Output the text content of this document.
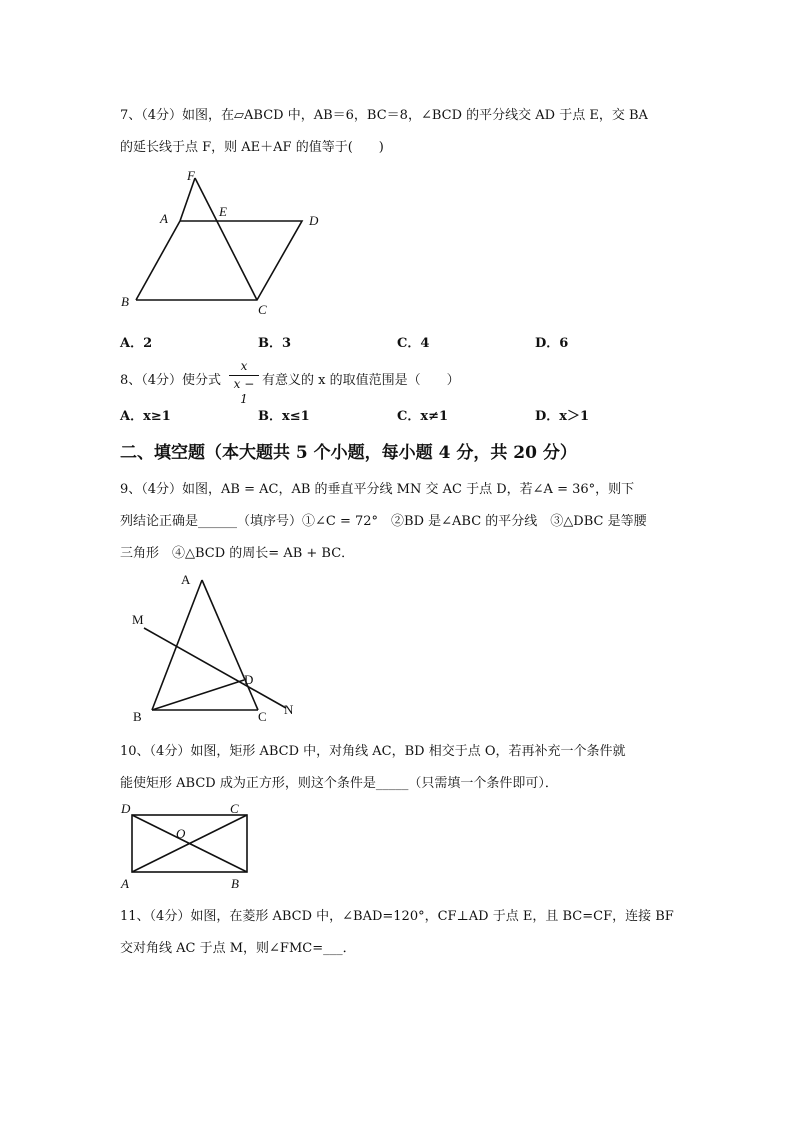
7、（4分）如图，在▱ABCD 中，AB＝6，BC＝8，∠BCD 的平分线交 AD 于点 E，交 BA
的延长线于点 F，则 AE＋AF 的值等于(　　)
F
A	E
D
B
C
A．2	B．3	C．4	D．6
8、（4分）使分式
x
x − 1
有意义的 x 的取值范围是（　　）
A．x≥1	B．x≤1	C．x≠1	D．x＞1
二、填空题（本大题共 5 个小题，每小题 4 分，共 20 分）
9、（4分）如图，AB = AC，AB 的垂直平分线 MN 交 AC 于点 D，若∠A = 36°，则下
列结论正确是______（填序号）①∠C = 72°　②BD 是∠ABC 的平分线　③△DBC 是等腰
三角形　④△BCD 的周长= AB + BC．
A
M
D
B	C N
10、（4分）如图，矩形 ABCD 中，对角线 AC，BD 相交于点 O，若再补充一个条件就
能使矩形 ABCD 成为正方形，则这个条件是_____（只需填一个条件即可）．
D	C
O
A	B
11、（4分）如图，在菱形 ABCD 中，∠BAD=120°，CF⊥AD 于点 E，且 BC=CF，连接 BF
交对角线 AC 于点 M，则∠FMC=___．
